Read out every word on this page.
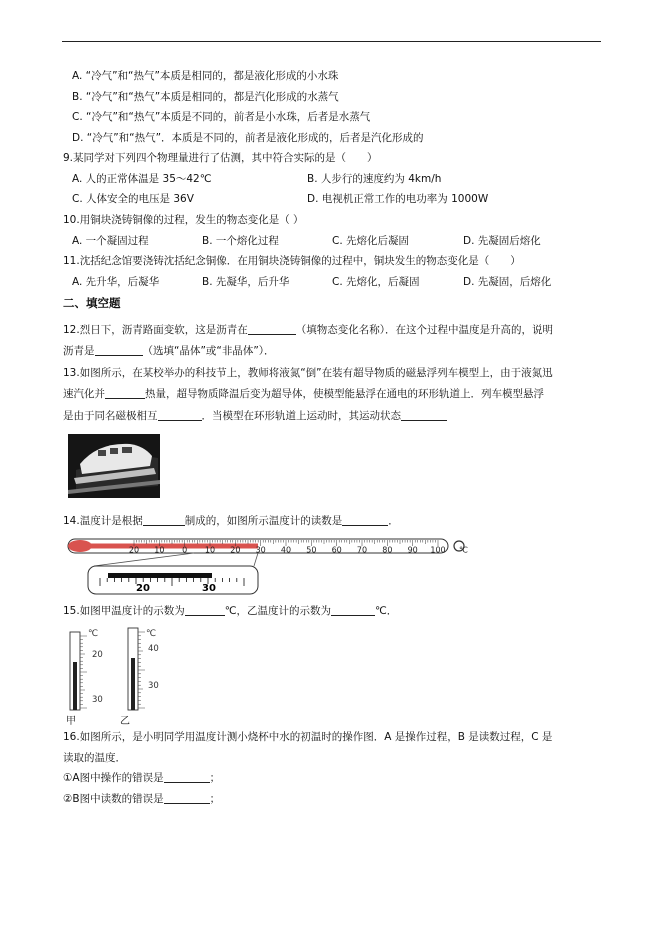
A. “冷气”和“热气”本质是相同的，都是液化形成的小水珠
B. “冷气”和“热气”本质是相同的，都是汽化形成的水蒸气
C. “冷气”和“热气”本质是不同的，前者是小水珠，后者是水蒸气
D. “冷气”和“热气”．本质是不同的，前者是液化形成的，后者是汽化形成的
9.某同学对下列四个物理量进行了估测，其中符合实际的是（　　）
A. 人的正常体温是 35～42℃	B. 人步行的速度约为 4km/h
C. 人体安全的电压是 36V	D. 电视机正常工作的电功率为 1000W
10.用铜块浇铸铜像的过程，发生的物态变化是（ ）
A. 一个凝固过程	B. 一个熔化过程	C. 先熔化后凝固	D. 先凝固后熔化
11.沈括纪念馆要浇铸沈括纪念铜像．在用铜块浇铸铜像的过程中，铜块发生的物态变化是（　　）
A. 先升华，后凝华	B. 先凝华，后升华	C. 先熔化，后凝固	D. 先凝固，后熔化
二、填空题
12.烈日下，沥青路面变软，这是沥青在	（填物态变化名称）．在这个过程中温度是升高的，说明
沥青是	（选填“晶体”或“非晶体”）．
13.如图所示，在某校举办的科技节上，教师将液氮“倒”在装有超导物质的磁悬浮列车模型上，由于液氮迅
速汽化并	热量，超导物质降温后变为超导体，使模型能悬浮在通电的环形轨道上．列车模型悬浮
是由于同名磁极相互	．当模型在环形轨道上运动时，其运动状态
14.温度计是根据	制成的，如图所示温度计的读数是	．
20 10 0 10 20 30 40 50 60 70 80 90 100 ℃
20	30
15.如图甲温度计的示数为	℃，乙温度计的示数为	℃．
℃
20
30
甲
℃
40
30
乙
16.如图所示，是小明同学用温度计测小烧杯中水的初温时的操作图．A 是操作过程，B 是读数过程，C 是
读取的温度．
①A图中操作的错误是	；
②B图中读数的错误是	；
